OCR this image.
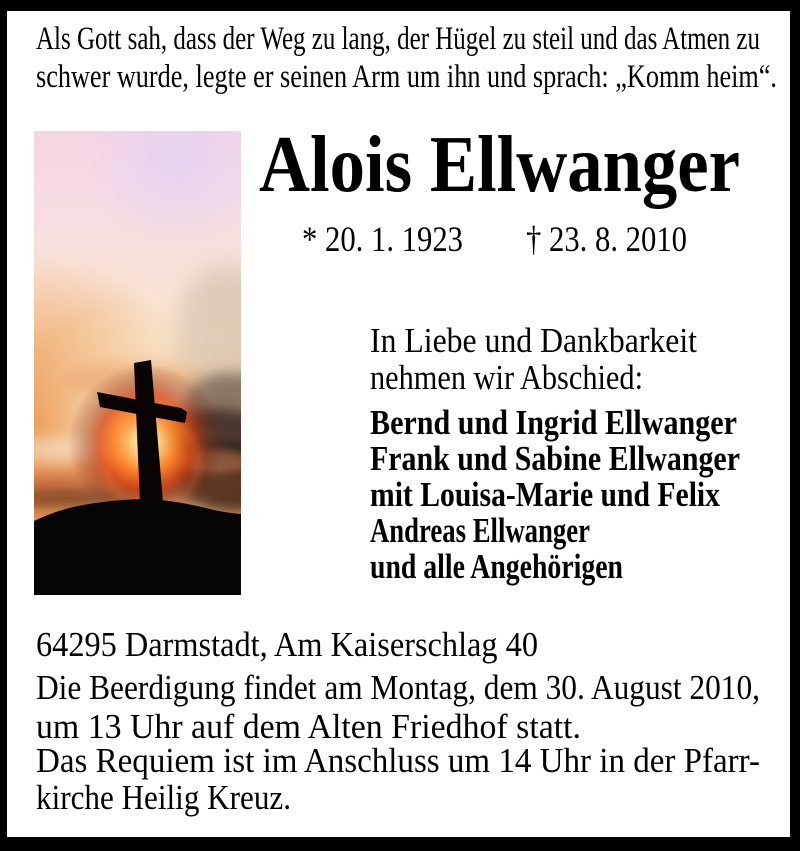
Als Gott sah, dass der Weg zu lang, der Hügel zu steil und das Atmen zu
schwer wurde, legte er seinen Arm um ihn und sprach: „Komm heim“.
Alois Ellwanger
* 20. 1. 1923 † 23. 8. 2010
In Liebe und Dankbarkeit
nehmen wir Abschied:
Bernd und Ingrid Ellwanger
Frank und Sabine Ellwanger
mit Louisa-Marie und Felix
Andreas Ellwanger
und alle Angehörigen
64295 Darmstadt, Am Kaiserschlag 40
Die Beerdigung findet am Montag, dem 30. August 2010,
um 13 Uhr auf dem Alten Friedhof statt.
Das Requiem ist im Anschluss um 14 Uhr in der Pfarr-
kirche Heilig Kreuz.
